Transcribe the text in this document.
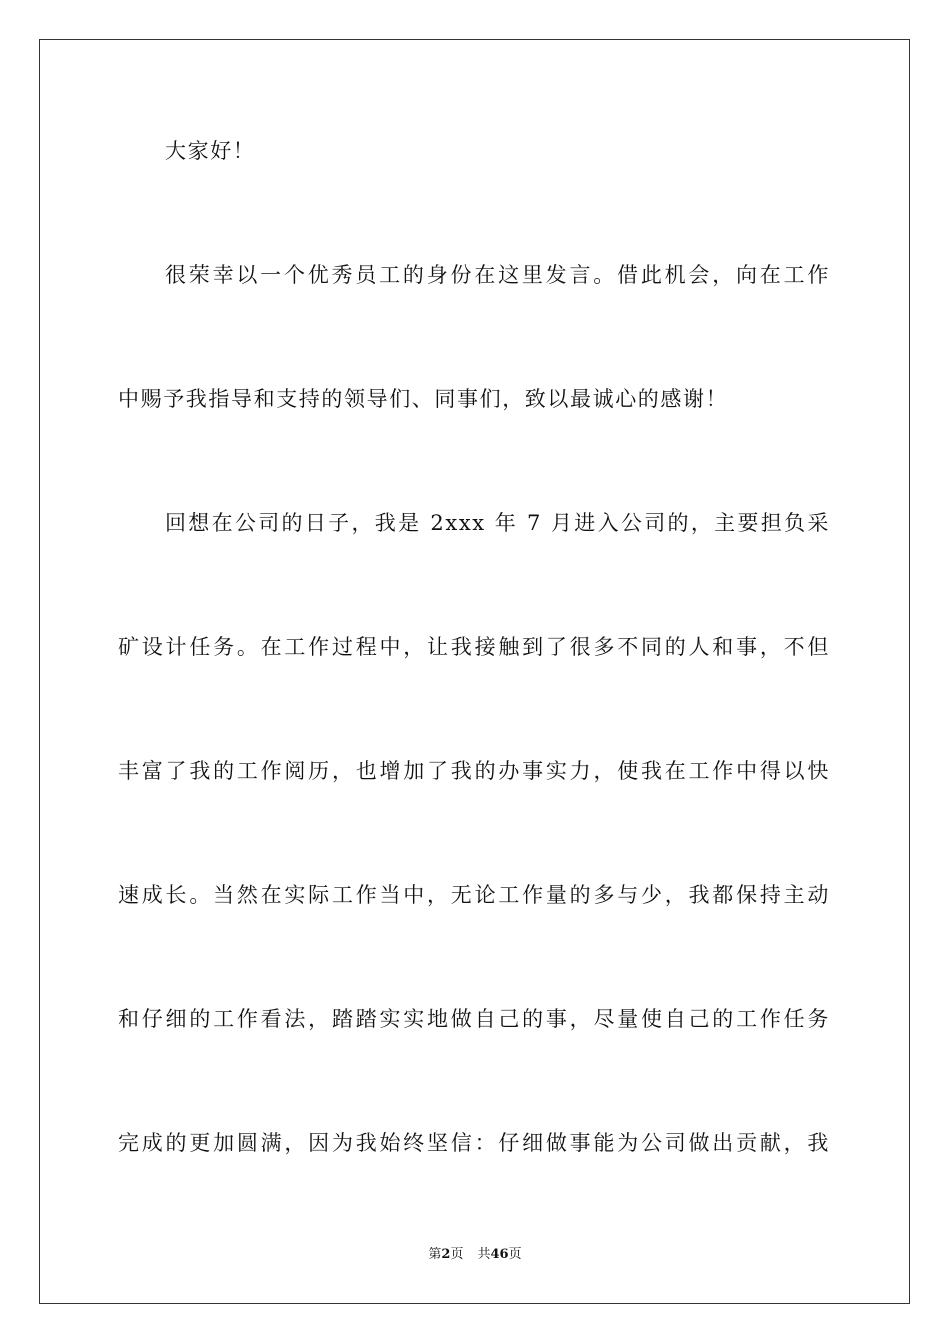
大家好！
很荣幸以一个优秀员工的身份在这里发言。借此机会，向在工作
中赐予我指导和支持的领导们、同事们，致以最诚心的感谢！
回想在公司的日子，我是 2xxx 年 7 月进入公司的，主要担负采
矿设计任务。在工作过程中，让我接触到了很多不同的人和事，不但
丰富了我的工作阅历，也增加了我的办事实力，使我在工作中得以快
速成长。当然在实际工作当中，无论工作量的多与少，我都保持主动
和仔细的工作看法，踏踏实实地做自己的事，尽量使自己的工作任务
完成的更加圆满，因为我始终坚信：仔细做事能为公司做出贡献，我
第2页 共46页
